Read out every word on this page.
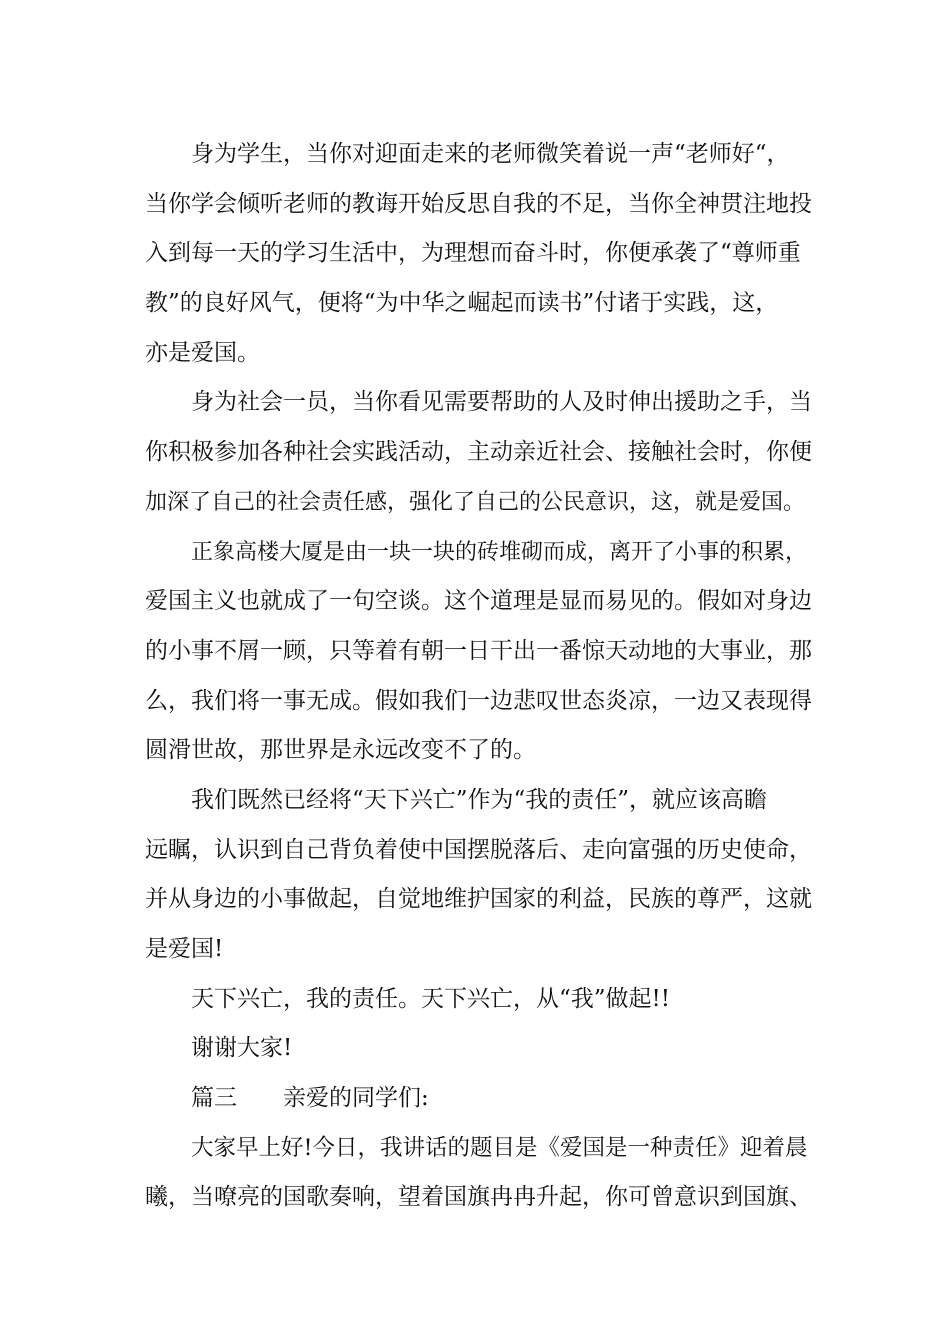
身为学生，当你对迎面走来的老师微笑着说一声“老师好“，
当你学会倾听老师的教诲开始反思自我的不足，当你全神贯注地投
入到每一天的学习生活中，为理想而奋斗时，你便承袭了“尊师重
教”的良好风气，便将“为中华之崛起而读书”付诸于实践，这，
亦是爱国。
身为社会一员，当你看见需要帮助的人及时伸出援助之手，当
你积极参加各种社会实践活动，主动亲近社会、接触社会时，你便
加深了自己的社会责任感，强化了自己的公民意识，这，就是爱国。
正象高楼大厦是由一块一块的砖堆砌而成，离开了小事的积累，
爱国主义也就成了一句空谈。这个道理是显而易见的。假如对身边
的小事不屑一顾，只等着有朝一日干出一番惊天动地的大事业，那
么，我们将一事无成。假如我们一边悲叹世态炎凉，一边又表现得
圆滑世故，那世界是永远改变不了的。
我们既然已经将“天下兴亡”作为“我的责任”，就应该高瞻
远瞩，认识到自己背负着使中国摆脱落后、走向富强的历史使命，
并从身边的小事做起，自觉地维护国家的利益，民族的尊严，这就
是爱国!
天下兴亡，我的责任。天下兴亡，从“我”做起!!
谢谢大家!
篇三　　亲爱的同学们:
大家早上好!今日，我讲话的题目是《爱国是一种责任》迎着晨
曦，当嘹亮的国歌奏响，望着国旗冉冉升起，你可曾意识到国旗、
